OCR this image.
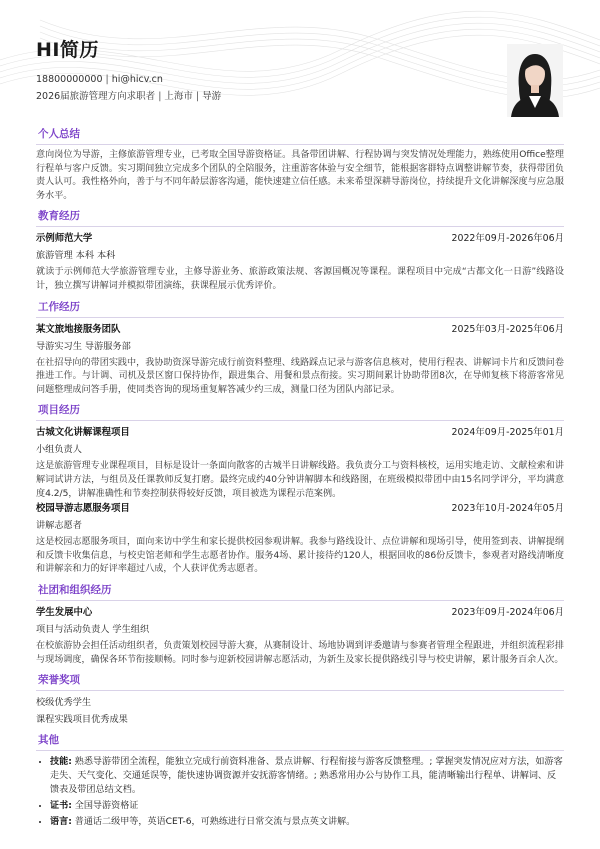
HI简历
18800000000 | hi@hicv.cn
2026届旅游管理方向求职者 | 上海市 | 导游
个人总结
意向岗位为导游，主修旅游管理专业，已考取全国导游资格证。具备带团讲解、行程协调与突发情况处理能力，熟练使用Office整理行程单与客户反馈。实习期间独立完成多个团队的全陪服务，注重游客体验与安全细节，能根据客群特点调整讲解节奏，获得带团负责人认可。我性格外向，善于与不同年龄层游客沟通，能快速建立信任感。未来希望深耕导游岗位，持续提升文化讲解深度与应急服务水平。
教育经历
示例师范大学	2022年09月-2026年06月
旅游管理 本科 本科
就读于示例师范大学旅游管理专业，主修导游业务、旅游政策法规、客源国概况等课程。课程项目中完成“古都文化一日游”线路设计，独立撰写讲解词并模拟带团演练，获课程展示优秀评价。
工作经历
某文旅地接服务团队	2025年03月-2025年06月
导游实习生 导游服务部
在社招导向的带团实践中，我协助资深导游完成行前资料整理、线路踩点记录与游客信息核对，使用行程表、讲解词卡片和反馈问卷推进工作。与计调、司机及景区窗口保持协作，跟进集合、用餐和景点衔接。实习期间累计协助带团8次，在导师复核下将游客常见问题整理成问答手册，使同类咨询的现场重复解答减少约三成，测量口径为团队内部记录。
项目经历
古城文化讲解课程项目	2024年09月-2025年01月
小组负责人
这是旅游管理专业课程项目，目标是设计一条面向散客的古城半日讲解线路。我负责分工与资料核校，运用实地走访、文献检索和讲解词试讲方法，与组员及任课教师反复打磨。最终完成约40分钟讲解脚本和线路图，在班级模拟带团中由15名同学评分，平均满意度4.2/5，讲解准确性和节奏控制获得较好反馈，项目被选为课程示范案例。
校园导游志愿服务项目	2023年10月-2024年05月
讲解志愿者
这是校园志愿服务项目，面向来访中学生和家长提供校园参观讲解。我参与路线设计、点位讲解和现场引导，使用签到表、讲解提纲和反馈卡收集信息，与校史馆老师和学生志愿者协作。服务4场、累计接待约120人，根据回收的86份反馈卡，参观者对路线清晰度和讲解亲和力的好评率超过八成，个人获评优秀志愿者。
社团和组织经历
学生发展中心	2023年09月-2024年06月
项目与活动负责人 学生组织
在校旅游协会担任活动组织者，负责策划校园导游大赛，从赛制设计、场地协调到评委邀请与参赛者管理全程跟进，并组织流程彩排与现场调度，确保各环节衔接顺畅。同时参与迎新校园讲解志愿活动，为新生及家长提供路线引导与校史讲解，累计服务百余人次。
荣誉奖项
校级优秀学生
课程实践项目优秀成果
其他
• 技能: 熟悉导游带团全流程，能独立完成行前资料准备、景点讲解、行程衔接与游客反馈整理。; 掌握突发情况应对方法，如游客走失、天气变化、交通延误等，能快速协调资源并安抚游客情绪。; 熟悉常用办公与协作工具，能清晰输出行程单、讲解词、反馈表及带团总结文档。
• 证书: 全国导游资格证
• 语言: 普通话二级甲等，英语CET-6，可熟练进行日常交流与景点英文讲解。
